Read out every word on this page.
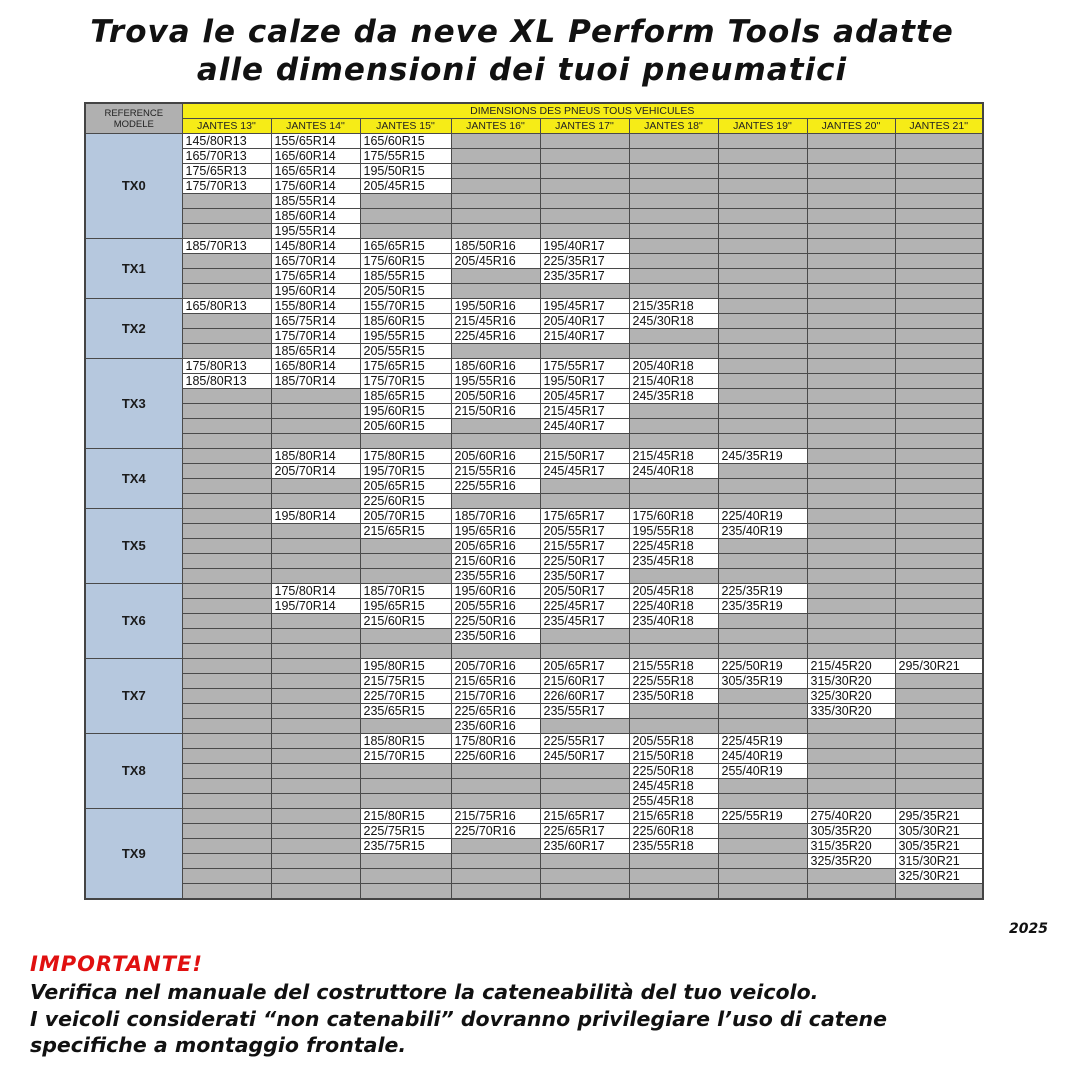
Trova le calze da neve XL Perform Tools adatte
alle dimensioni dei tuoi pneumatici
REFERENCE
MODELE	DIMENSIONS DES PNEUS TOUS VEHICULES								
	JANTES 13''	JANTES 14''	JANTES 15''	JANTES 16''	JANTES 17''	JANTES 18''	JANTES 19''	JANTES 20''	JANTES 21''
TX0	145/80R13	155/65R14	165/60R15						
	165/70R13	165/60R14	175/55R15						
	175/65R13	165/65R14	195/50R15						
	175/70R13	175/60R14	205/45R15						
		185/55R14							
		185/60R14							
		195/55R14							
TX1	185/70R13	145/80R14	165/65R15	185/50R16	195/40R17				
		165/70R14	175/60R15	205/45R16	225/35R17				
		175/65R14	185/55R15		235/35R17				
		195/60R14	205/50R15						
TX2	165/80R13	155/80R14	155/70R15	195/50R16	195/45R17	215/35R18			
		165/75R14	185/60R15	215/45R16	205/40R17	245/30R18			
		175/70R14	195/55R15	225/45R16	215/40R17				
		185/65R14	205/55R15						
TX3	175/80R13	165/80R14	175/65R15	185/60R16	175/55R17	205/40R18			
	185/80R13	185/70R14	175/70R15	195/55R16	195/50R17	215/40R18			
			185/65R15	205/50R16	205/45R17	245/35R18			
			195/60R15	215/50R16	215/45R17				
			205/60R15		245/40R17				

TX4		185/80R14	175/80R15	205/60R16	215/50R17	215/45R18	245/35R19		
		205/70R14	195/70R15	215/55R16	245/45R17	245/40R18			
			205/65R15	225/55R16					
			225/60R15						
TX5		195/80R14	205/70R15	185/70R16	175/65R17	175/60R18	225/40R19		
			215/65R15	195/65R16	205/55R17	195/55R18	235/40R19		
				205/65R16	215/55R17	225/45R18			
				215/60R16	225/50R17	235/45R18			
				235/55R16	235/50R17				
TX6		175/80R14	185/70R15	195/60R16	205/50R17	205/45R18	225/35R19		
		195/70R14	195/65R15	205/55R16	225/45R17	225/40R18	235/35R19		
			215/60R15	225/50R16	235/45R17	235/40R18			
				235/50R16					

TX7			195/80R15	205/70R16	205/65R17	215/55R18	225/50R19	215/45R20	295/30R21
			215/75R15	215/65R16	215/60R17	225/55R18	305/35R19	315/30R20	
			225/70R15	215/70R16	226/60R17	235/50R18		325/30R20	
			235/65R15	225/65R16	235/55R17			335/30R20	
				235/60R16					
TX8			185/80R15	175/80R16	225/55R17	205/55R18	225/45R19		
			215/70R15	225/60R16	245/50R17	215/50R18	245/40R19		
						225/50R18	255/40R19		
						245/45R18			
						255/45R18			
TX9			215/80R15	215/75R16	215/65R17	215/65R18	225/55R19	275/40R20	295/35R21
			225/75R15	225/70R16	225/65R17	225/60R18		305/35R20	305/30R21
			235/75R15		235/60R17	235/55R18		315/35R20	305/35R21
								325/35R20	315/30R21
									325/30R21

2025
IMPORTANTE!
Verifica nel manuale del costruttore la cateneabilità del tuo veicolo.
I veicoli considerati “non catenabili” dovranno privilegiare l’uso di catene
specifiche a montaggio frontale.
